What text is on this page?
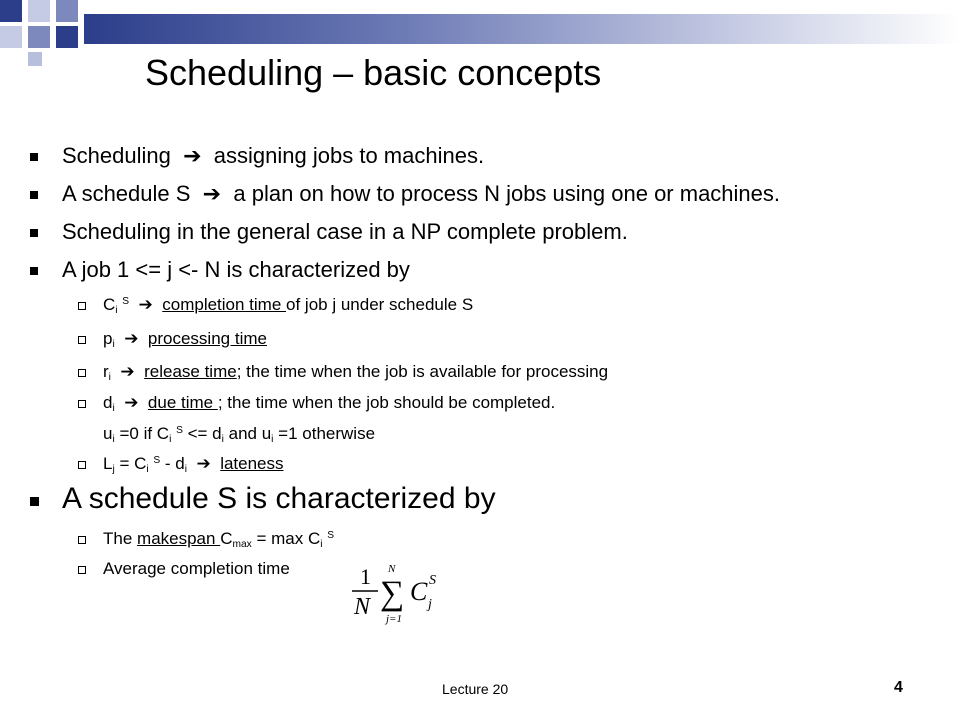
Scheduling – basic concepts
Scheduling  ➔  assigning jobs to machines.
A schedule S  ➔  a plan on how to process N jobs using one or machines.
Scheduling in the general case in a NP complete problem.
A job 1 <= j <- N is characterized by
$C_i$ $^S$  ➔  completion time of job j under schedule S
$p_i$  ➔  processing time
$r_i$  ➔  release time; the time when the job is available for processing
$d_i$  ➔  due time ; the time when the job should be completed.
$u_i =0$ if $C_i$ $^S <= d_i$ and $u_i =1$ otherwise
$L_j = C_i$ $^S - d_i$  ➔  lateness
A schedule S is characterized by
The makespan $C_{max} = \max C_i$ $^S$
Average completion time	1
N
N
∑
j=1
C S
j
Lecture 20	4
